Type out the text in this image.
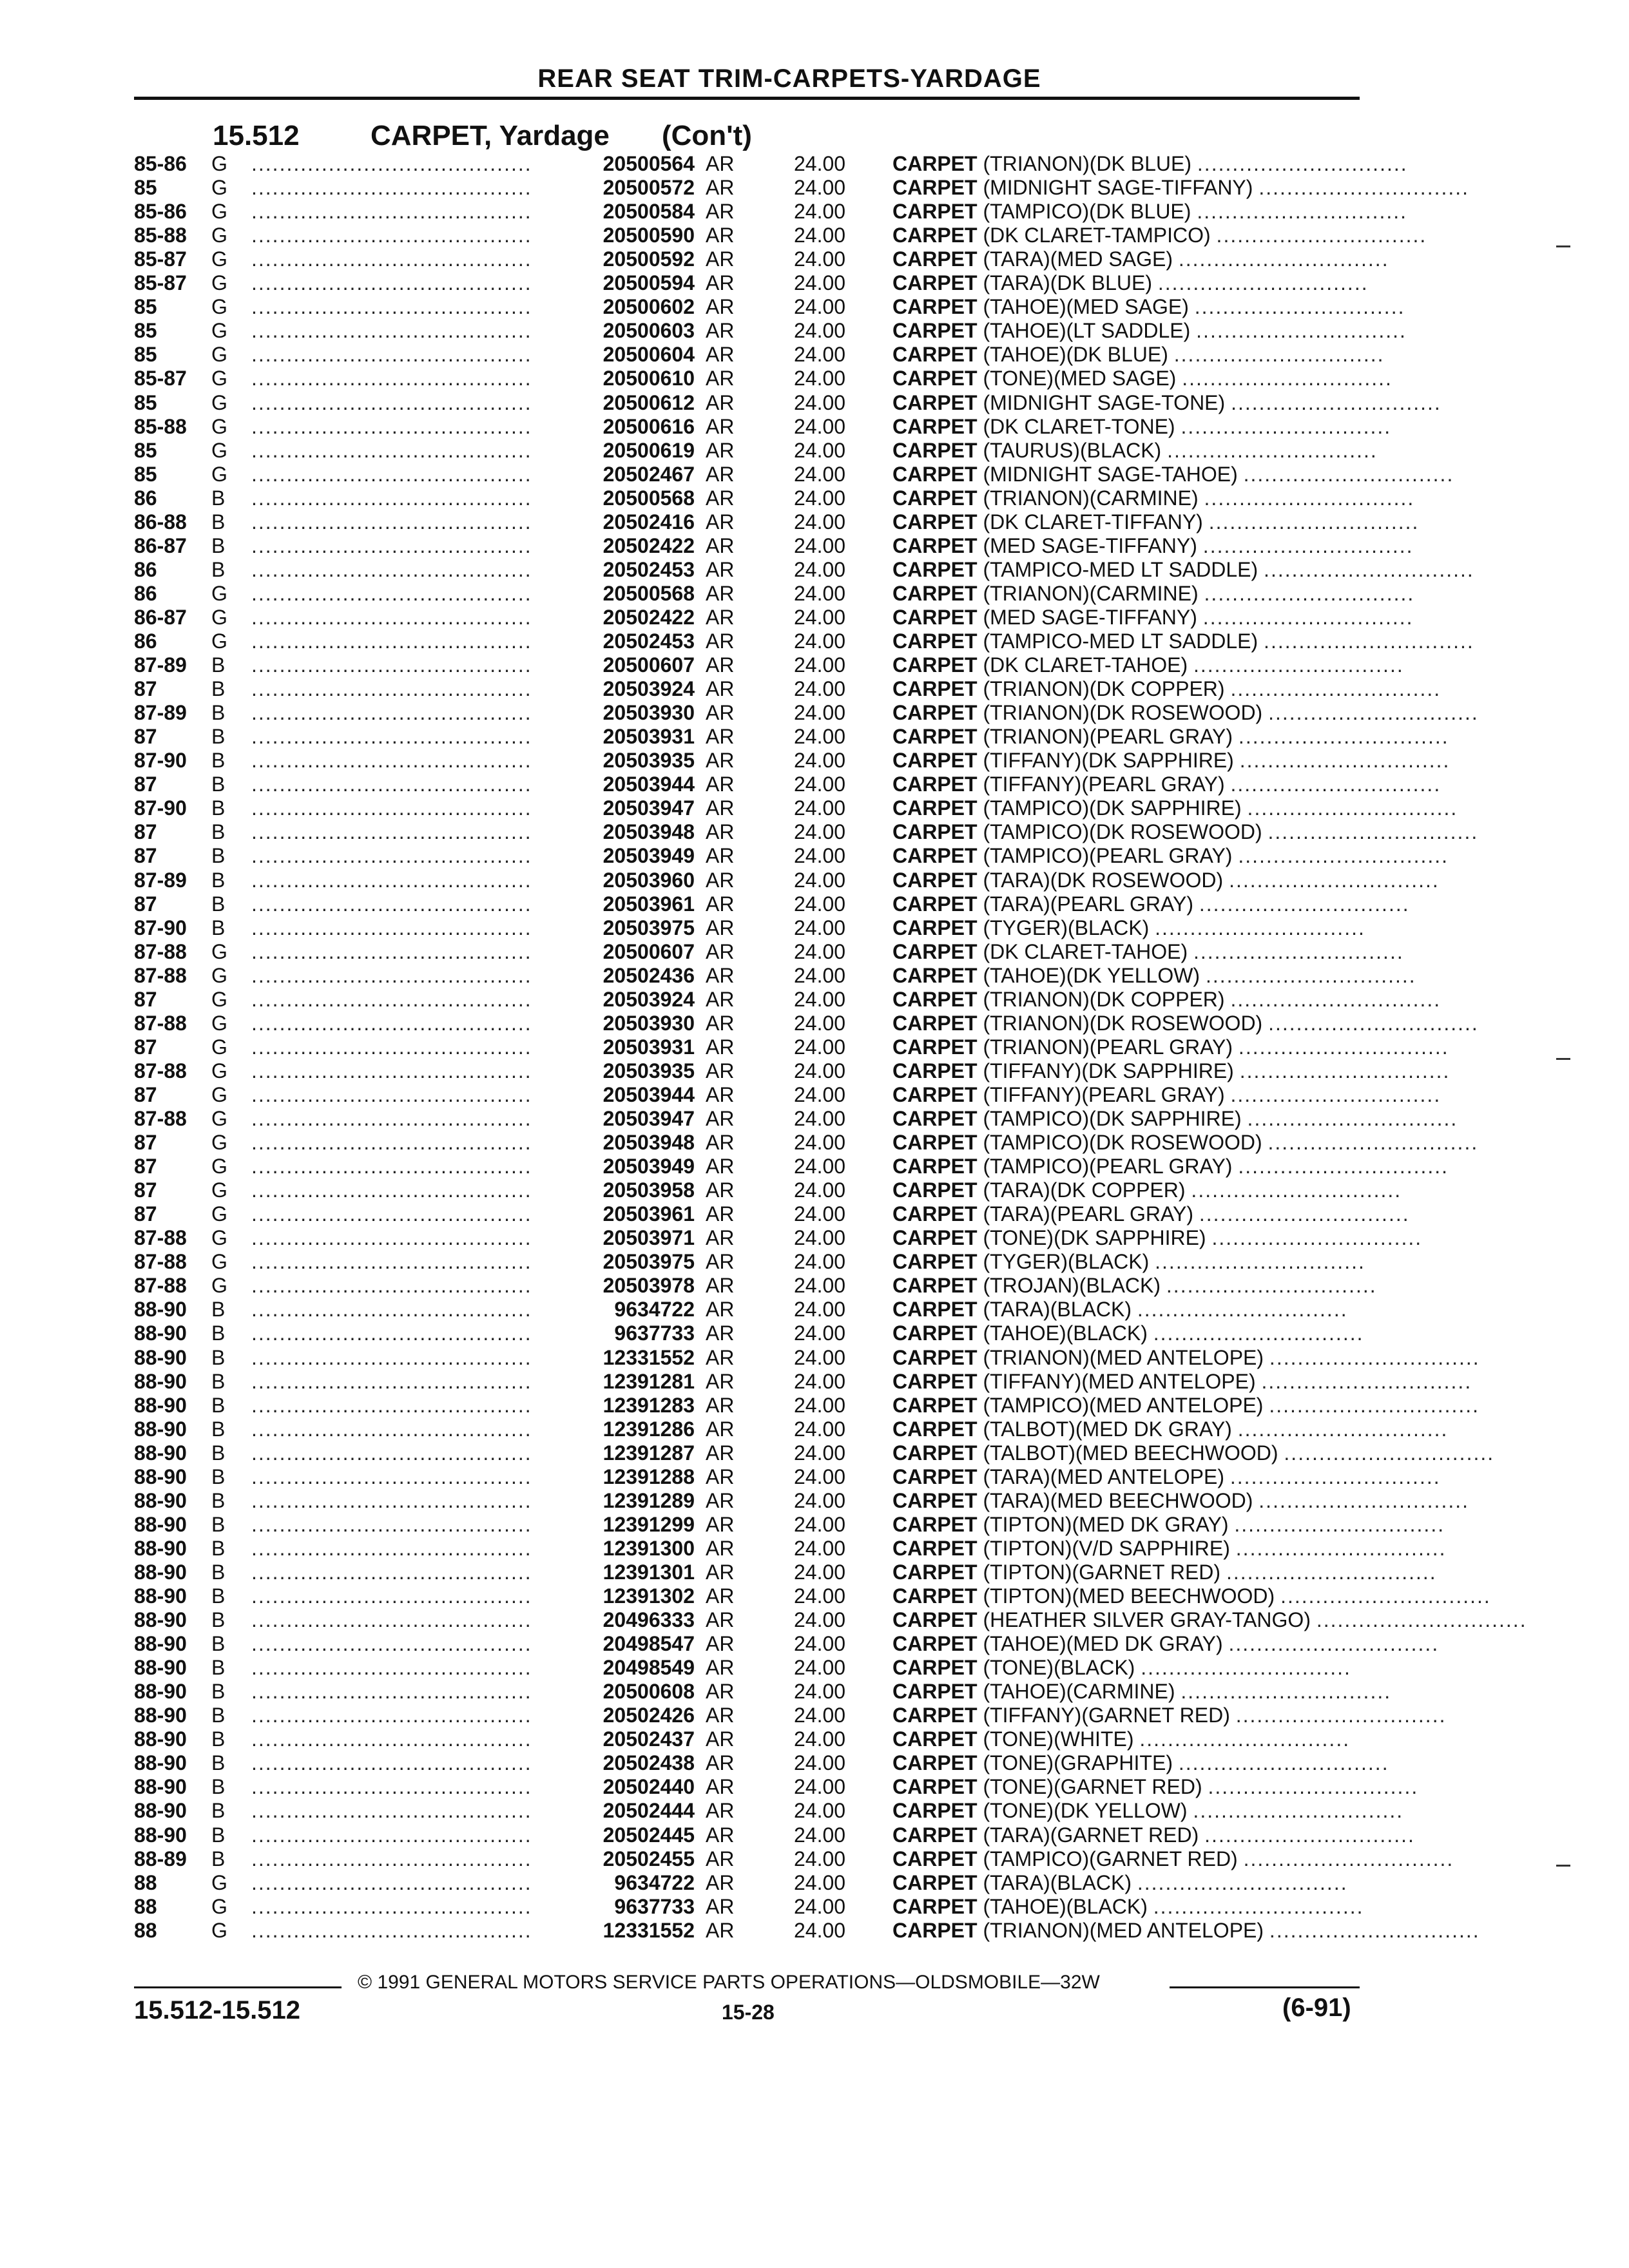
REAR SEAT TRIM-CARPETS-YARDAGE
15.512	CARPET, Yardage (Con't)
85-86 G ........................................	20500564 AR	24.00 CARPET (TRIANON)(DK BLUE) ..............................
85	G ........................................	20500572 AR	24.00 CARPET (MIDNIGHT SAGE-TIFFANY) ..............................
85-86 G ........................................	20500584 AR	24.00 CARPET (TAMPICO)(DK BLUE) ..............................
85-88 G ........................................	20500590 AR	24.00 CARPET (DK CLARET-TAMPICO) ..............................
85-87 G ........................................	20500592 AR	24.00 CARPET (TARA)(MED SAGE) ..............................
85-87 G ........................................	20500594 AR	24.00 CARPET (TARA)(DK BLUE) ..............................
85	G ........................................	20500602 AR	24.00 CARPET (TAHOE)(MED SAGE) ..............................
85	G ........................................	20500603 AR	24.00 CARPET (TAHOE)(LT SADDLE) ..............................
85	G ........................................	20500604 AR	24.00 CARPET (TAHOE)(DK BLUE) ..............................
85-87 G ........................................	20500610 AR	24.00 CARPET (TONE)(MED SAGE) ..............................
85	G ........................................	20500612 AR	24.00 CARPET (MIDNIGHT SAGE-TONE) ..............................
85-88 G ........................................	20500616 AR	24.00 CARPET (DK CLARET-TONE) ..............................
85	G ........................................	20500619 AR	24.00 CARPET (TAURUS)(BLACK) ..............................
85	G ........................................	20502467 AR	24.00 CARPET (MIDNIGHT SAGE-TAHOE) ..............................
86	B ........................................	20500568 AR	24.00 CARPET (TRIANON)(CARMINE) ..............................
86-88 B ........................................	20502416 AR	24.00 CARPET (DK CLARET-TIFFANY) ..............................
86-87 B ........................................	20502422 AR	24.00 CARPET (MED SAGE-TIFFANY) ..............................
86	B ........................................	20502453 AR	24.00 CARPET (TAMPICO-MED LT SADDLE) ..............................
86	G ........................................	20500568 AR	24.00 CARPET (TRIANON)(CARMINE) ..............................
86-87 G ........................................	20502422 AR	24.00 CARPET (MED SAGE-TIFFANY) ..............................
86	G ........................................	20502453 AR	24.00 CARPET (TAMPICO-MED LT SADDLE) ..............................
87-89 B ........................................	20500607 AR	24.00 CARPET (DK CLARET-TAHOE) ..............................
87	B ........................................	20503924 AR	24.00 CARPET (TRIANON)(DK COPPER) ..............................
87-89 B ........................................	20503930 AR	24.00 CARPET (TRIANON)(DK ROSEWOOD) ..............................
87	B ........................................	20503931 AR	24.00 CARPET (TRIANON)(PEARL GRAY) ..............................
87-90 B ........................................	20503935 AR	24.00 CARPET (TIFFANY)(DK SAPPHIRE) ..............................
87	B ........................................	20503944 AR	24.00 CARPET (TIFFANY)(PEARL GRAY) ..............................
87-90 B ........................................	20503947 AR	24.00 CARPET (TAMPICO)(DK SAPPHIRE) ..............................
87	B ........................................	20503948 AR	24.00 CARPET (TAMPICO)(DK ROSEWOOD) ..............................
87	B ........................................	20503949 AR	24.00 CARPET (TAMPICO)(PEARL GRAY) ..............................
87-89 B ........................................	20503960 AR	24.00 CARPET (TARA)(DK ROSEWOOD) ..............................
87	B ........................................	20503961 AR	24.00 CARPET (TARA)(PEARL GRAY) ..............................
87-90 B ........................................	20503975 AR	24.00 CARPET (TYGER)(BLACK) ..............................
87-88 G ........................................	20500607 AR	24.00 CARPET (DK CLARET-TAHOE) ..............................
87-88 G ........................................	20502436 AR	24.00 CARPET (TAHOE)(DK YELLOW) ..............................
87	G ........................................	20503924 AR	24.00 CARPET (TRIANON)(DK COPPER) ..............................
87-88 G ........................................	20503930 AR	24.00 CARPET (TRIANON)(DK ROSEWOOD) ..............................
87	G ........................................	20503931 AR	24.00 CARPET (TRIANON)(PEARL GRAY) ..............................
87-88 G ........................................	20503935 AR	24.00 CARPET (TIFFANY)(DK SAPPHIRE) ..............................
87	G ........................................	20503944 AR	24.00 CARPET (TIFFANY)(PEARL GRAY) ..............................
87-88 G ........................................	20503947 AR	24.00 CARPET (TAMPICO)(DK SAPPHIRE) ..............................
87	G ........................................	20503948 AR	24.00 CARPET (TAMPICO)(DK ROSEWOOD) ..............................
87	G ........................................	20503949 AR	24.00 CARPET (TAMPICO)(PEARL GRAY) ..............................
87	G ........................................	20503958 AR	24.00 CARPET (TARA)(DK COPPER) ..............................
87	G ........................................	20503961 AR	24.00 CARPET (TARA)(PEARL GRAY) ..............................
87-88 G ........................................	20503971 AR	24.00 CARPET (TONE)(DK SAPPHIRE) ..............................
87-88 G ........................................	20503975 AR	24.00 CARPET (TYGER)(BLACK) ..............................
87-88 G ........................................	20503978 AR	24.00 CARPET (TROJAN)(BLACK) ..............................
88-90 B ........................................	9634722 AR	24.00 CARPET (TARA)(BLACK) ..............................
88-90 B ........................................	9637733 AR	24.00 CARPET (TAHOE)(BLACK) ..............................
88-90 B ........................................	12331552 AR	24.00 CARPET (TRIANON)(MED ANTELOPE) ..............................
88-90 B ........................................	12391281 AR	24.00 CARPET (TIFFANY)(MED ANTELOPE) ..............................
88-90 B ........................................	12391283 AR	24.00 CARPET (TAMPICO)(MED ANTELOPE) ..............................
88-90 B ........................................	12391286 AR	24.00 CARPET (TALBOT)(MED DK GRAY) ..............................
88-90 B ........................................	12391287 AR	24.00 CARPET (TALBOT)(MED BEECHWOOD) ..............................
88-90 B ........................................	12391288 AR	24.00 CARPET (TARA)(MED ANTELOPE) ..............................
88-90 B ........................................	12391289 AR	24.00 CARPET (TARA)(MED BEECHWOOD) ..............................
88-90 B ........................................	12391299 AR	24.00 CARPET (TIPTON)(MED DK GRAY) ..............................
88-90 B ........................................	12391300 AR	24.00 CARPET (TIPTON)(V/D SAPPHIRE) ..............................
88-90 B ........................................	12391301 AR	24.00 CARPET (TIPTON)(GARNET RED) ..............................
88-90 B ........................................	12391302 AR	24.00 CARPET (TIPTON)(MED BEECHWOOD) ..............................
88-90 B ........................................	20496333 AR	24.00 CARPET (HEATHER SILVER GRAY-TANGO) ..............................
88-90 B ........................................	20498547 AR	24.00 CARPET (TAHOE)(MED DK GRAY) ..............................
88-90 B ........................................	20498549 AR	24.00 CARPET (TONE)(BLACK) ..............................
88-90 B ........................................	20500608 AR	24.00 CARPET (TAHOE)(CARMINE) ..............................
88-90 B ........................................	20502426 AR	24.00 CARPET (TIFFANY)(GARNET RED) ..............................
88-90 B ........................................	20502437 AR	24.00 CARPET (TONE)(WHITE) ..............................
88-90 B ........................................	20502438 AR	24.00 CARPET (TONE)(GRAPHITE) ..............................
88-90 B ........................................	20502440 AR	24.00 CARPET (TONE)(GARNET RED) ..............................
88-90 B ........................................	20502444 AR	24.00 CARPET (TONE)(DK YELLOW) ..............................
88-90 B ........................................	20502445 AR	24.00 CARPET (TARA)(GARNET RED) ..............................
88-89 B ........................................	20502455 AR	24.00 CARPET (TAMPICO)(GARNET RED) ..............................
88	G ........................................	9634722 AR	24.00 CARPET (TARA)(BLACK) ..............................
88	G ........................................	9637733 AR	24.00 CARPET (TAHOE)(BLACK) ..............................
88	G ........................................	12331552 AR	24.00 CARPET (TRIANON)(MED ANTELOPE) ..............................
© 1991 GENERAL MOTORS SERVICE PARTS OPERATIONS—OLDSMOBILE—32W
15.512-15.512	15-28	(6-91)
